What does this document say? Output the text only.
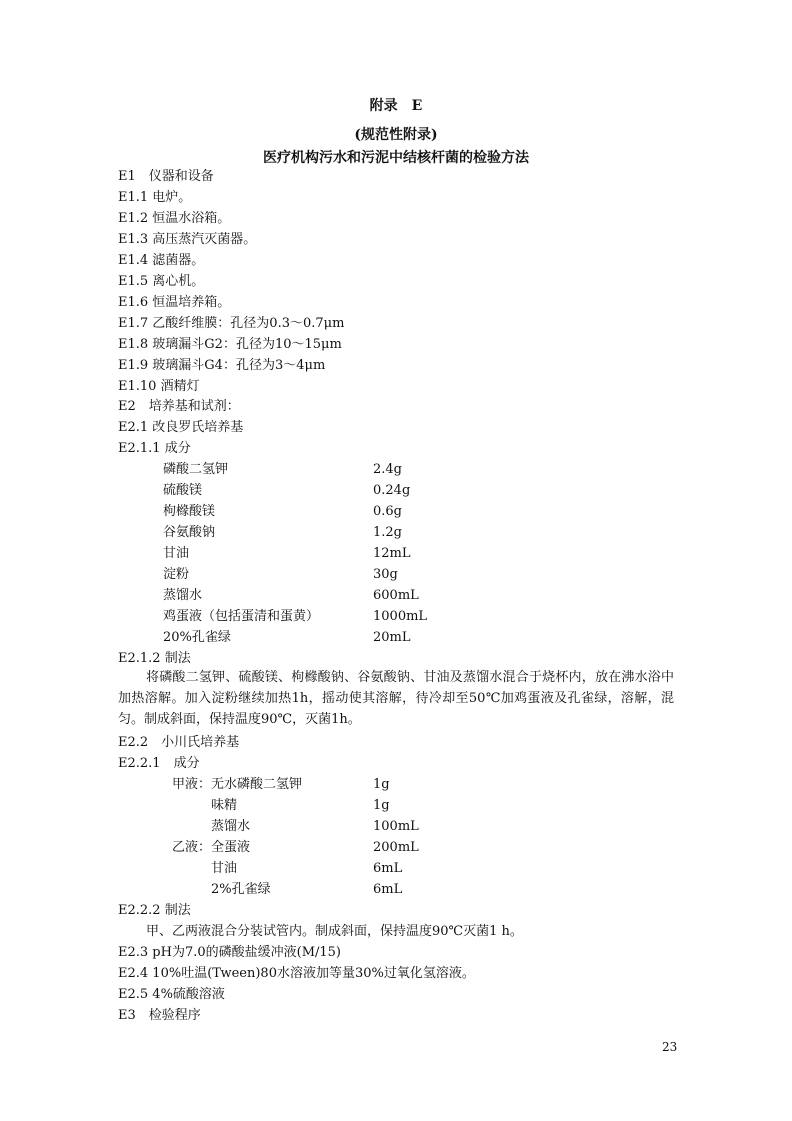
附录　E
(规范性附录)
医疗机构污水和污泥中结核杆菌的检验方法
E1　仪器和设备
E1.1 电炉。
E1.2 恒温水浴箱。
E1.3 高压蒸汽灭菌器。
E1.4 滤菌器。
E1.5 离心机。
E1.6 恒温培养箱。
E1.7 乙酸纤维膜：孔径为0.3～0.7μm
E1.8 玻璃漏斗G2：孔径为10～15μm
E1.9 玻璃漏斗G4：孔径为3～4μm
E1.10 酒精灯
E2　培养基和试剂：
E2.1 改良罗氏培养基
E2.1.1 成分
磷酸二氢钾	2.4g
硫酸镁	0.24g
枸橼酸镁	0.6g
谷氨酸钠	1.2g
甘油	12mL
淀粉	30g
蒸馏水	600mL
鸡蛋液（包括蛋清和蛋黄）	1000mL
20%孔雀绿	20mL
E2.1.2 制法
将磷酸二氢钾、硫酸镁、枸橼酸钠、谷氨酸钠、甘油及蒸馏水混合于烧杯内，放在沸水浴中加热溶解。加入淀粉继续加热1h，摇动使其溶解，待冷却至50℃加鸡蛋液及孔雀绿，溶解，混匀。制成斜面，保持温度90℃，灭菌1h。
E2.2　小川氏培养基
E2.2.1　成分
甲液： 无水磷酸二氢钾	1g
味精	1g
蒸馏水	100mL
乙液： 全蛋液	200mL
甘油	6mL
2%孔雀绿	6mL
E2.2.2 制法
甲、乙两液混合分装试管内。制成斜面，保持温度90℃灭菌1 h。
E2.3 pH为7.0的磷酸盐缓冲液(M/15)
E2.4 10%吐温(Tween)80水溶液加等量30%过氧化氢溶液。
E2.5 4%硫酸溶液
E3　检验程序
23
